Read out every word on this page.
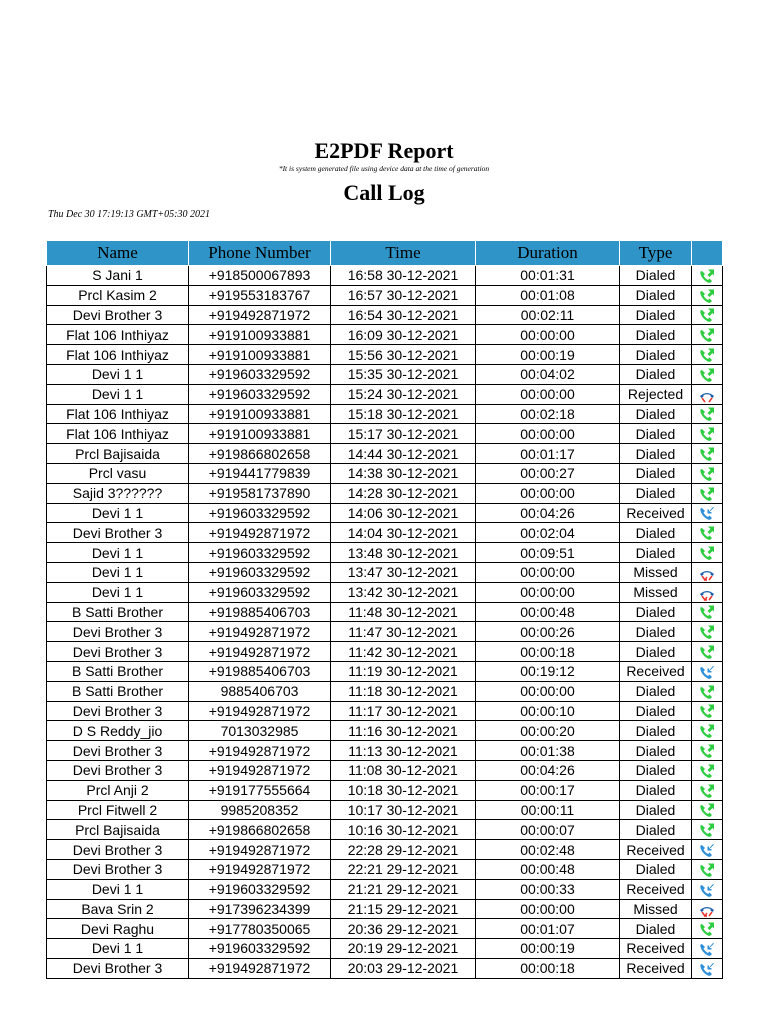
E2PDF Report
*It is system generated file using device data at the time of generation
Call Log
Thu Dec 30 17:19:13 GMT+05:30 2021
Name	Phone Number	Time	Duration	Type	
S Jani 1	+918500067893	16:58 30-12-2021	00:01:31	Dialed	

Prcl Kasim 2	+919553183767	16:57 30-12-2021	00:01:08	Dialed	

Devi Brother 3	+919492871972	16:54 30-12-2021	00:02:11	Dialed	

Flat 106 Inthiyaz	+919100933881	16:09 30-12-2021	00:00:00	Dialed	

Flat 106 Inthiyaz	+919100933881	15:56 30-12-2021	00:00:19	Dialed	

Devi 1 1	+919603329592	15:35 30-12-2021	00:04:02	Dialed	

Devi 1 1	+919603329592	15:24 30-12-2021	00:00:00	Rejected	

Flat 106 Inthiyaz	+919100933881	15:18 30-12-2021	00:02:18	Dialed	

Flat 106 Inthiyaz	+919100933881	15:17 30-12-2021	00:00:00	Dialed	

Prcl Bajisaida	+919866802658	14:44 30-12-2021	00:01:17	Dialed	

Prcl vasu	+919441779839	14:38 30-12-2021	00:00:27	Dialed	

Sajid 3??????	+919581737890	14:28 30-12-2021	00:00:00	Dialed	

Devi 1 1	+919603329592	14:06 30-12-2021	00:04:26	Received	

Devi Brother 3	+919492871972	14:04 30-12-2021	00:02:04	Dialed	

Devi 1 1	+919603329592	13:48 30-12-2021	00:09:51	Dialed	

Devi 1 1	+919603329592	13:47 30-12-2021	00:00:00	Missed	

Devi 1 1	+919603329592	13:42 30-12-2021	00:00:00	Missed	

B Satti Brother	+919885406703	11:48 30-12-2021	00:00:48	Dialed	

Devi Brother 3	+919492871972	11:47 30-12-2021	00:00:26	Dialed	

Devi Brother 3	+919492871972	11:42 30-12-2021	00:00:18	Dialed	

B Satti Brother	+919885406703	11:19 30-12-2021	00:19:12	Received	

B Satti Brother	9885406703	11:18 30-12-2021	00:00:00	Dialed	

Devi Brother 3	+919492871972	11:17 30-12-2021	00:00:10	Dialed	

D S Reddy_jio	7013032985	11:16 30-12-2021	00:00:20	Dialed	

Devi Brother 3	+919492871972	11:13 30-12-2021	00:01:38	Dialed	

Devi Brother 3	+919492871972	11:08 30-12-2021	00:04:26	Dialed	

Prcl Anji 2	+919177555664	10:18 30-12-2021	00:00:17	Dialed	

Prcl Fitwell 2	9985208352	10:17 30-12-2021	00:00:11	Dialed	

Prcl Bajisaida	+919866802658	10:16 30-12-2021	00:00:07	Dialed	

Devi Brother 3	+919492871972	22:28 29-12-2021	00:02:48	Received	

Devi Brother 3	+919492871972	22:21 29-12-2021	00:00:48	Dialed	

Devi 1 1	+919603329592	21:21 29-12-2021	00:00:33	Received	

Bava Srin 2	+917396234399	21:15 29-12-2021	00:00:00	Missed	

Devi Raghu	+917780350065	20:36 29-12-2021	00:01:07	Dialed	

Devi 1 1	+919603329592	20:19 29-12-2021	00:00:19	Received	

Devi Brother 3	+919492871972	20:03 29-12-2021	00:00:18	Received	
